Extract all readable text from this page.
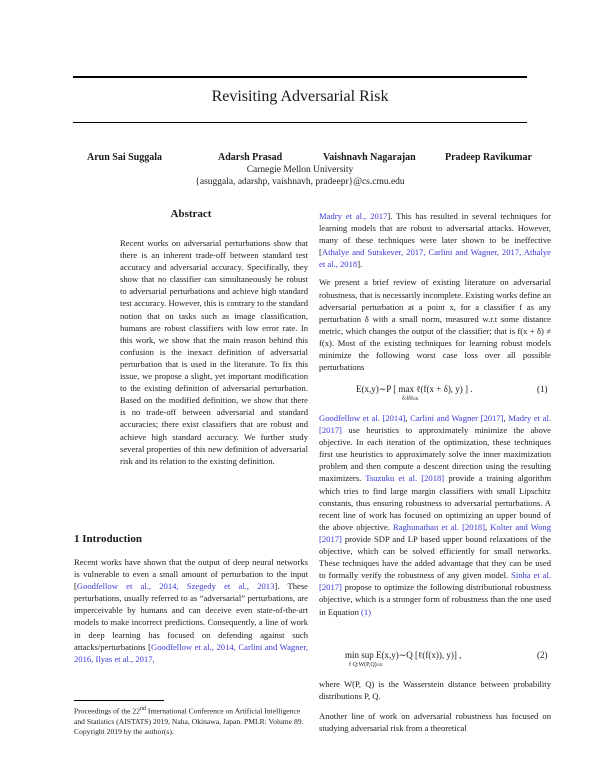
Revisiting Adversarial Risk
Arun Sai Suggala	Adarsh Prasad	Vaishnavh Nagarajan	Pradeep Ravikumar
Carnegie Mellon University
{asuggala, adarshp, vaishnavh, pradeepr}@cs.cmu.edu
Abstract
Recent works on adversarial perturbations show that there is an inherent trade-off between standard test accuracy and adversarial accuracy. Specifically, they show that no classifier can simultaneously be robust to adversarial perturbations and achieve high standard test accuracy. However, this is contrary to the standard notion that on tasks such as image classification, humans are robust classifiers with low error rate. In this work, we show that the main reason behind this confusion is the inexact definition of adversarial perturbation that is used in the literature. To fix this issue, we propose a slight, yet important modification to the existing definition of adversarial perturbation. Based on the modified definition, we show that there is no trade-off between adversarial and standard accuracies; there exist classifiers that are robust and achieve high standard accuracy. We further study several properties of this new definition of adversarial risk and its relation to the existing definition.
1 Introduction
Recent works have shown that the output of deep neural networks is vulnerable to even a small amount of perturbation to the input [Goodfellow et al., 2014, Szegedy et al., 2013]. These perturbations, usually referred to as “adversarial” perturbations, are imperceivable by humans and can deceive even state-of-the-art models to make incorrect predictions. Consequently, a line of work in deep learning has focused on defending against such attacks/perturbations [Goodfellow et al., 2014, Carlini and Wagner, 2016, Ilyas et al., 2017,
Proceedings of the 22nd International Conference on Artificial Intelligence and Statistics (AISTATS) 2019, Naha, Okinawa, Japan. PMLR: Volume 89. Copyright 2019 by the author(s).

Madry et al., 2017]. This has resulted in several techniques for learning models that are robust to adversarial attacks. However, many of these techniques were later shown to be ineffective [Athalye and Sutskever, 2017, Carlini and Wagner, 2017, Athalye et al., 2018].

We present a brief review of existing literature on adversarial robustness, that is necessarily incomplete. Existing works define an adversarial perturbation at a point x, for a classifier f as any perturbation δ with a small norm, measured w.r.t some distance metric, which changes the output of the classifier; that is f(x + δ) ≠ f(x). Most of the existing techniques for learning robust models minimize the following worst case loss over all possible perturbations

E(x,y)∼P [ max ℓ(f(x + δ), y) ] .
δ:‖δ‖≤ε
(1)
Goodfellow et al. [2014], Carlini and Wagner [2017], Madry et al. [2017] use heuristics to approximately minimize the above objective. In each iteration of the optimization, these techniques first use heuristics to approximately solve the inner maximization problem and then compute a descent direction using the resulting maximizers. Tsuzuku et al. [2018] provide a training algorithm which tries to find large margin classifiers with small Lipschitz constants, thus ensuring robustness to adversarial perturbations. A recent line of work has focused on optimizing an upper bound of the above objective. Raghunathan et al. [2018], Kolter and Wong [2017] provide SDP and LP based upper bound relaxations of the objective, which can be solved efficiently for small networks. These techniques have the added advantage that they can be used to formally verify the robustness of any given model. Sinha et al. [2017] propose to optimize the following distributional robustness objective, which is a stronger form of robustness than the one used in Equation (1)
min sup E(x,y)∼Q [ℓ(f(x)), y)] ,
f Q:W(P,Q)≤ε
(2)
where W(P, Q) is the Wasserstein distance between probability distributions P, Q.
Another line of work on adversarial robustness has focused on studying adversarial risk from a theoretical
